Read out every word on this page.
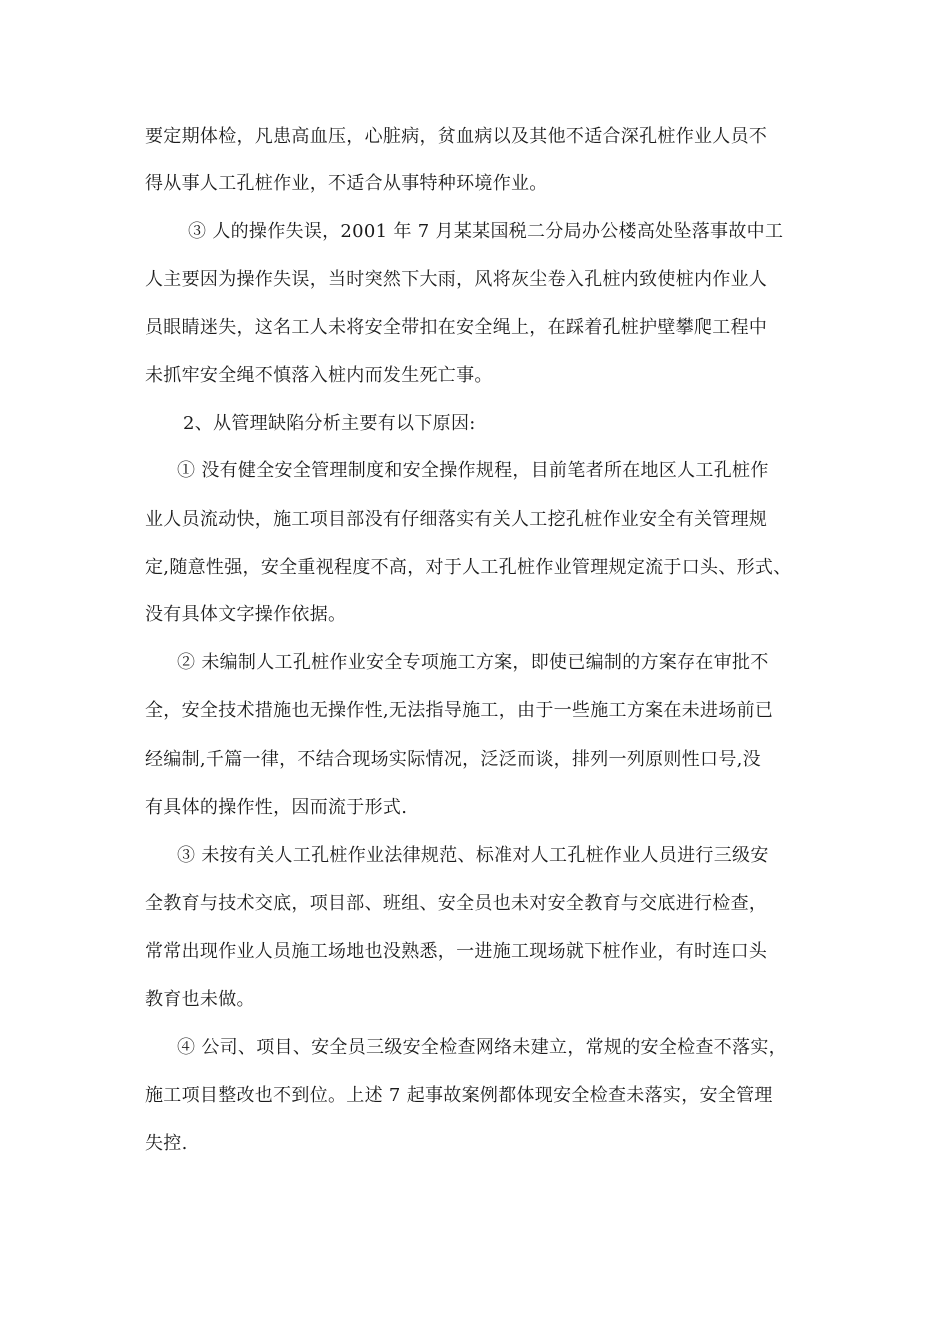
要定期体检，凡患高血压，心脏病，贫血病以及其他不适合深孔桩作业人员不
得从事人工孔桩作业，不适合从事特种环境作业。
③ 人的操作失误，2001 年 7 月某某国税二分局办公楼高处坠落事故中工
人主要因为操作失误，当时突然下大雨，风将灰尘卷入孔桩内致使桩内作业人
员眼睛迷失，这名工人未将安全带扣在安全绳上，在踩着孔桩护壁攀爬工程中
未抓牢安全绳不慎落入桩内而发生死亡事。
2、从管理缺陷分析主要有以下原因:
① 没有健全安全管理制度和安全操作规程，目前笔者所在地区人工孔桩作
业人员流动快，施工项目部没有仔细落实有关人工挖孔桩作业安全有关管理规
定,随意性强，安全重视程度不高，对于人工孔桩作业管理规定流于口头、形式、
没有具体文字操作依据。
② 未编制人工孔桩作业安全专项施工方案，即使已编制的方案存在审批不
全，安全技术措施也无操作性,无法指导施工，由于一些施工方案在未进场前已
经编制,千篇一律，不结合现场实际情况，泛泛而谈，排列一列原则性口号,没
有具体的操作性，因而流于形式.
③ 未按有关人工孔桩作业法律规范、标准对人工孔桩作业人员进行三级安
全教育与技术交底，项目部、班组、安全员也未对安全教育与交底进行检查，
常常出现作业人员施工场地也没熟悉，一进施工现场就下桩作业，有时连口头
教育也未做。
④ 公司、项目、安全员三级安全检查网络未建立，常规的安全检查不落实，
施工项目整改也不到位。上述 7 起事故案例都体现安全检查未落实，安全管理
失控.
